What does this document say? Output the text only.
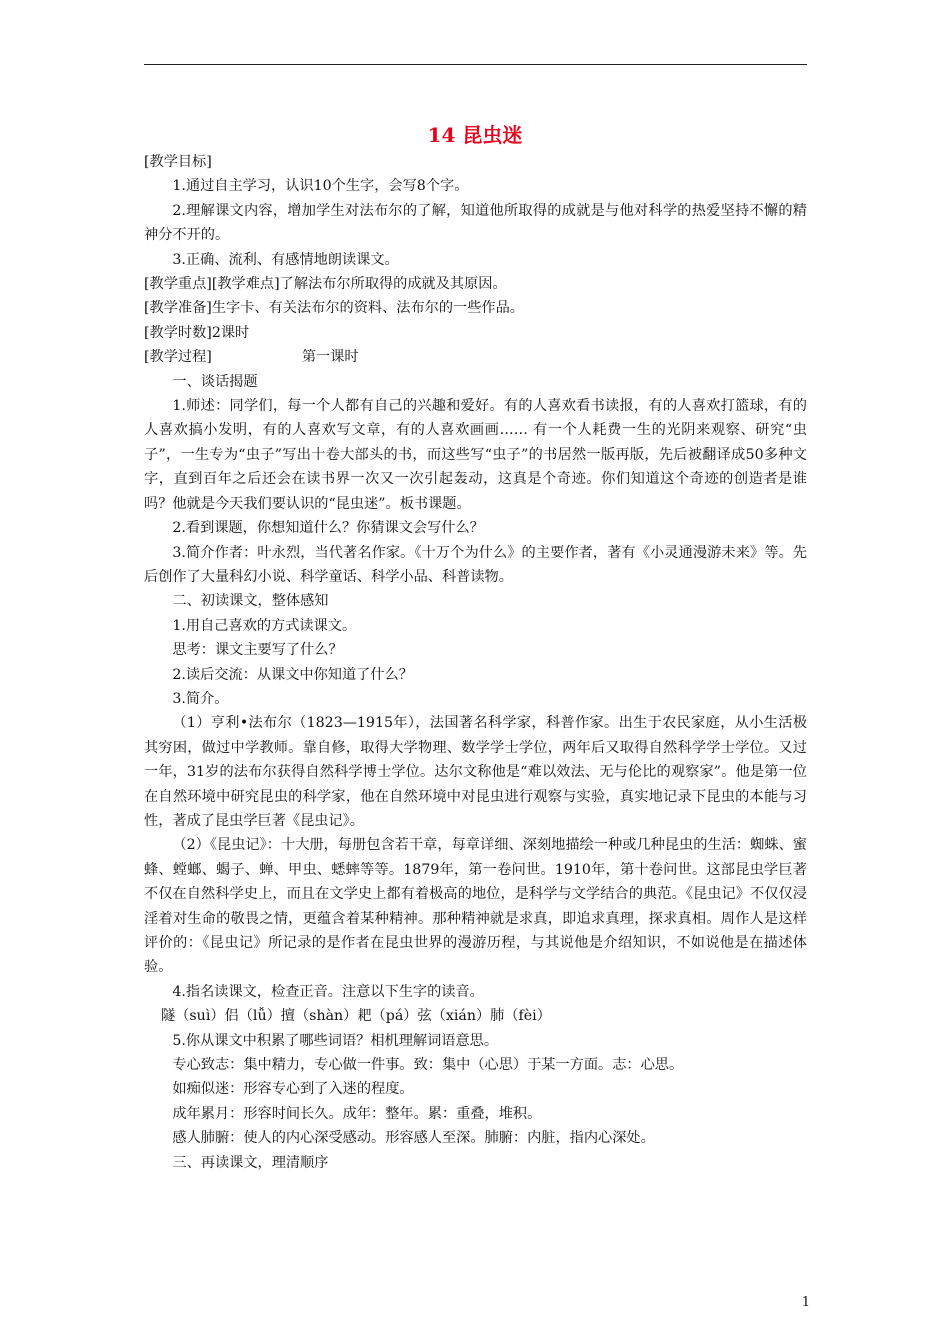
14 昆虫迷

[教学目标]

1.通过自主学习，认识10个生字，会写8个字。

2.理解课文内容，增加学生对法布尔的了解，知道他所取得的成就是与他对科学的热爱坚持不懈的精神分不开的。

3.正确、流利、有感情地朗读课文。

[教学重点][教学难点]了解法布尔所取得的成就及其原因。

[教学准备]生字卡、有关法布尔的资料、法布尔的一些作品。

[教学时数]2课时

[教学过程]	第一课时

一、谈话揭题

1.师述：同学们，每一个人都有自己的兴趣和爱好。有的人喜欢看书读报，有的人喜欢打篮球，有的人喜欢搞小发明，有的人喜欢写文章，有的人喜欢画画…… 有一个人耗费一生的光阴来观察、研究“虫子”，一生专为“虫子”写出十卷大部头的书，而这些写“虫子”的书居然一版再版，先后被翻译成50多种文字，直到百年之后还会在读书界一次又一次引起轰动，这真是个奇迹。你们知道这个奇迹的创造者是谁吗？他就是今天我们要认识的“昆虫迷”。板书课题。

2.看到课题，你想知道什么？你猜课文会写什么？

3.简介作者：叶永烈，当代著名作家。《十万个为什么》的主要作者，著有《小灵通漫游未来》等。先后创作了大量科幻小说、科学童话、科学小品、科普读物。

二、初读课文，整体感知

1.用自己喜欢的方式读课文。

思考：课文主要写了什么？

2.读后交流：从课文中你知道了什么？

3.简介。

（1）亨利•法布尔（1823—1915年），法国著名科学家，科普作家。出生于农民家庭，从小生活极其穷困，做过中学教师。靠自修，取得大学物理、数学学士学位，两年后又取得自然科学学士学位。又过一年，31岁的法布尔获得自然科学博士学位。达尔文称他是“难以效法、无与伦比的观察家”。他是第一位在自然环境中研究昆虫的科学家，他在自然环境中对昆虫进行观察与实验，真实地记录下昆虫的本能与习性，著成了昆虫学巨著《昆虫记》。

（2）《昆虫记》：十大册，每册包含若干章，每章详细、深刻地描绘一种或几种昆虫的生活：蜘蛛、蜜蜂、螳螂、蝎子、蝉、甲虫、蟋蟀等等。1879年，第一卷问世。1910年，第十卷问世。这部昆虫学巨著不仅在自然科学史上，而且在文学史上都有着极高的地位，是科学与文学结合的典范。《昆虫记》不仅仅浸淫着对生命的敬畏之情，更蕴含着某种精神。那种精神就是求真，即追求真理，探求真相。周作人是这样评价的：《昆虫记》所记录的是作者在昆虫世界的漫游历程，与其说他是介绍知识，不如说他是在描述体验。

4.指名读课文，检查正音。注意以下生字的读音。

隧（suì）侣（lǚ）擅（shàn）耙（pá）弦（xián）肺（fèi）

5.你从课文中积累了哪些词语？相机理解词语意思。

专心致志：集中精力，专心做一件事。致：集中（心思）于某一方面。志：心思。

如痴似迷：形容专心到了入迷的程度。

成年累月：形容时间长久。成年：整年。累：重叠，堆积。

感人肺腑：使人的内心深受感动。形容感人至深。肺腑：内脏，指内心深处。

三、再读课文，理清顺序

1
